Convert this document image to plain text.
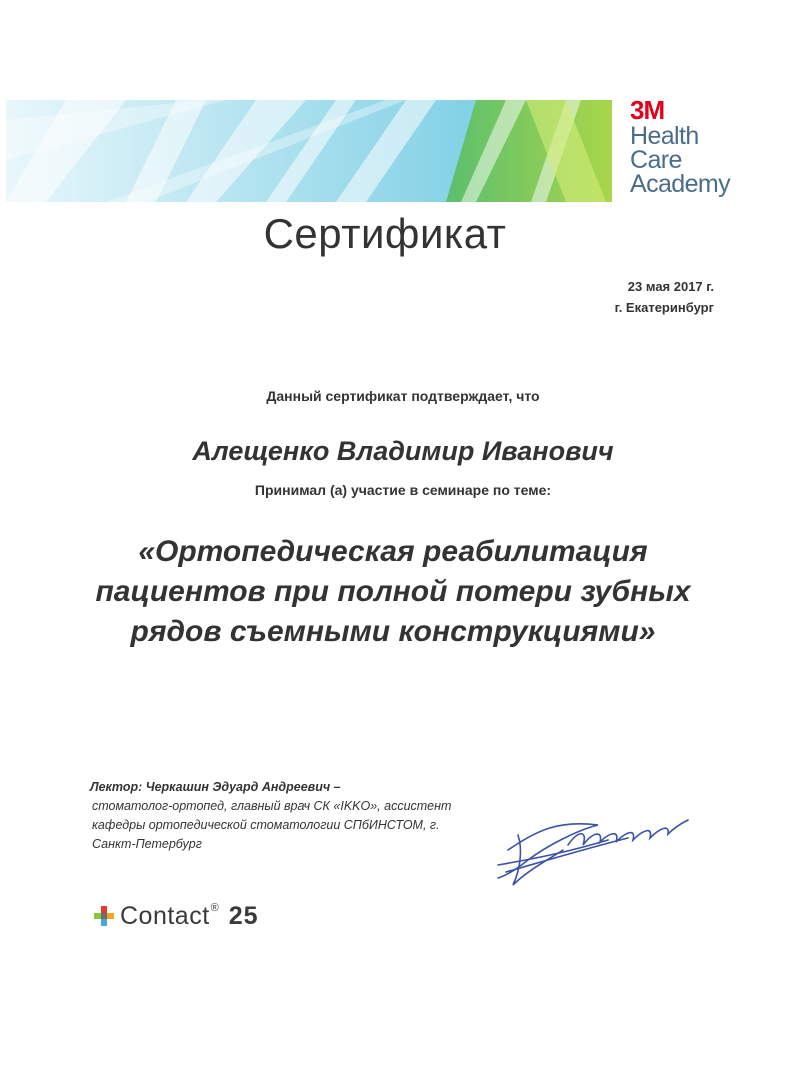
3M
Health
Care
Academy
Сертификат
23 мая 2017 г.
г. Екатеринбург
Данный сертификат подтверждает, что
Алещенко Владимир Иванович
Принимал (а) участие в семинаре по теме:
«Ортопедическая реабилитация
пациентов при полной потери зубных
рядов съемными конструкциями»
Лектор: Черкашин Эдуард Андреевич –
стоматолог-ортопед, главный врач СК «IKKO», ассистент
кафедры ортопедической стоматологии СПбИНСТОМ, г.
Санкт-Петербург
Contact ® 25
